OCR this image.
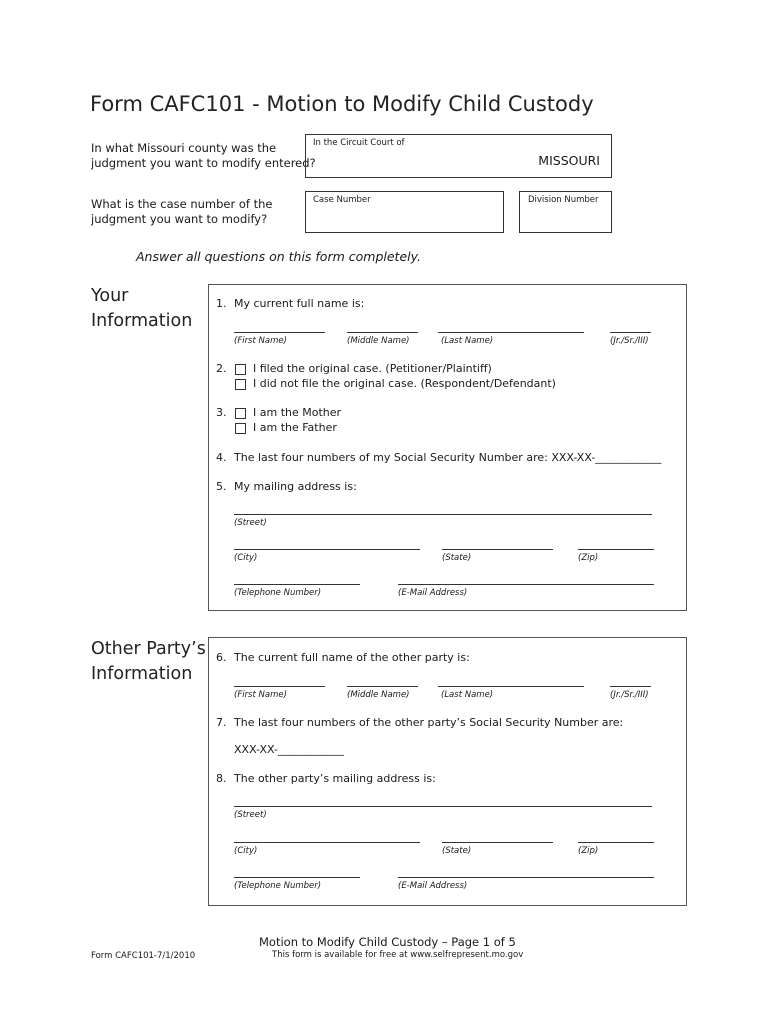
Form CAFC101 - Motion to Modify Child Custody
In what Missouri county was the judgment you want to modify entered?
In the Circuit Court of
MISSOURI
What is the case number of the judgment you want to modify?
Case Number	Division Number
Answer all questions on this form completely.
Your
Information
1. My current full name is:
(First Name)	(Middle Name)	(Last Name)	(Jr./Sr./III)
2. I filed the original case. (Petitioner/Plaintiff)
I did not file the original case. (Respondent/Defendant)
3. I am the Mother
I am the Father
4. The last four numbers of my Social Security Number are: XXX-XX-____________
5. My mailing address is:
(Street)
(City)	(State)	(Zip)
(Telephone Number)	(E-Mail Address)
Other Party’s
Information
6. The current full name of the other party is:
(First Name)	(Middle Name)	(Last Name)	(Jr./Sr./III)
7. The last four numbers of the other party’s Social Security Number are:
XXX-XX-____________
8. The other party’s mailing address is:
(Street)
(City)	(State)	(Zip)
(Telephone Number)	(E-Mail Address)
Motion to Modify Child Custody – Page 1 of 5
Form CAFC101-7/1/2010	This form is available for free at www.selfrepresent.mo.gov
